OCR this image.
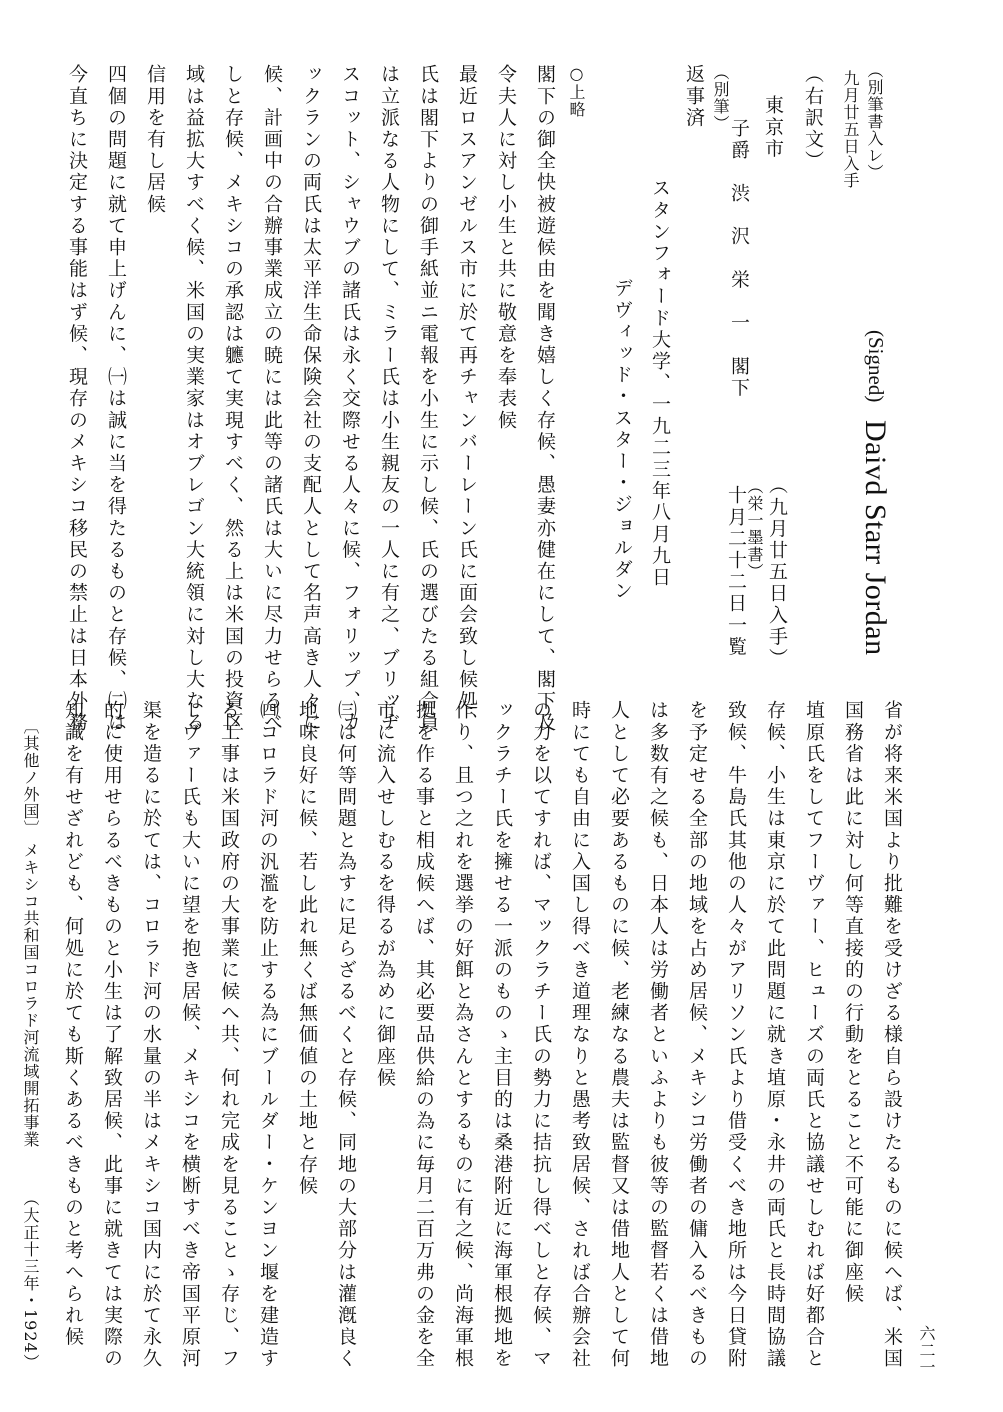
（別筆書入レ）
九月廿五日入手
（右訳文）
東京市
子爵　渋　沢　栄　一　閣下
（別筆）
返事済
(Signed)
Daivd Starr Jordan
（九月廿五日入手）
（栄一墨書）
十月二十二日一覧
スタンフォード大学、一九二三年八月九日
デヴィッド・スター・ジョルダン
○上略
閣下の御全快被遊候由を聞き嬉しく存候、愚妻亦健在にして、閣下及
令夫人に対し小生と共に敬意を奉表候
最近ロスアンゼルス市に於て再チャンバーレーン氏に面会致し候処、
氏は閣下よりの御手紙並ニ電報を小生に示し候、氏の選びたる組合員
は立派なる人物にして、ミラー氏は小生親友の一人に有之、ブリッヂ
スコット、シャウブの諸氏は永く交際せる人々に候、フォリップ、カ
ックランの両氏は太平洋生命保険会社の支配人として名声高き人々に
候、計画中の合辦事業成立の暁には此等の諸氏は大いに尽力せらるべ
しと存候、メキシコの承認は軈て実現すべく、然る上は米国の投資区
域は益拡大すべく候、米国の実業家はオブレゴン大統領に対し大なる
信用を有し居候
四個の問題に就て申上げんに、㈠は誠に当を得たるものと存候、㈡は
今直ちに決定する事能はず候、現存のメキシコ移民の禁止は日本外務
省が将来米国より批難を受けざる様自ら設けたるものに候へば、米国
国務省は此に対し何等直接的の行動をとること不可能に御座候
埴原氏をしてフーヴァー、ヒューズの両氏と協議せしむれば好都合と
存候、小生は東京に於て此問題に就き埴原・永井の両氏と長時間協議
致候、牛島氏其他の人々がアリソン氏より借受くべき地所は今日貸附
を予定せる全部の地域を占め居候、メキシコ労働者の傭入るべきもの
は多数有之候も、日本人は労働者といふよりも彼等の監督若くは借地
人として必要あるものに候、老練なる農夫は監督又は借地人として何
時にても自由に入国し得べき道理なりと愚考致居候、されば合辦会社
の力を以てすれば、マックラチー氏の勢力に拮抗し得べしと存候、マ
ックラチー氏を擁せる一派のものゝ主目的は桑港附近に海軍根拠地を
作り、且つ之れを選挙の好餌と為さんとするものに有之候、尚海軍根
拠を作る事と相成候へば、其必要品供給の為に毎月二百万弗の金を全
市に流入せしむるを得るが為めに御座候
㈢は何等問題と為すに足らざるべくと存候、同地の大部分は灌漑良く
地味良好に候、若し此れ無くば無価値の土地と存候
㈣コロラド河の汎濫を防止する為にブールダー・ケンヨン堰を建造す
る工事は米国政府の大事業に候へ共、何れ完成を見ることゝ存じ、フ
ーヴァー氏も大いに望を抱き居候、メキシコを横断すべき帝国平原河
渠を造るに於ては、コロラド河の水量の半はメキシコ国内に於て永久
的に使用せらるべきものと小生は了解致居候、此事に就きては実際の
知識を有せざれども、何処に於ても斯くあるべきものと考へられ候
〔其他ノ外国〕
メキシコ共和国コロラド河流域開拓事業
（大正十三年・1924）	六二一
